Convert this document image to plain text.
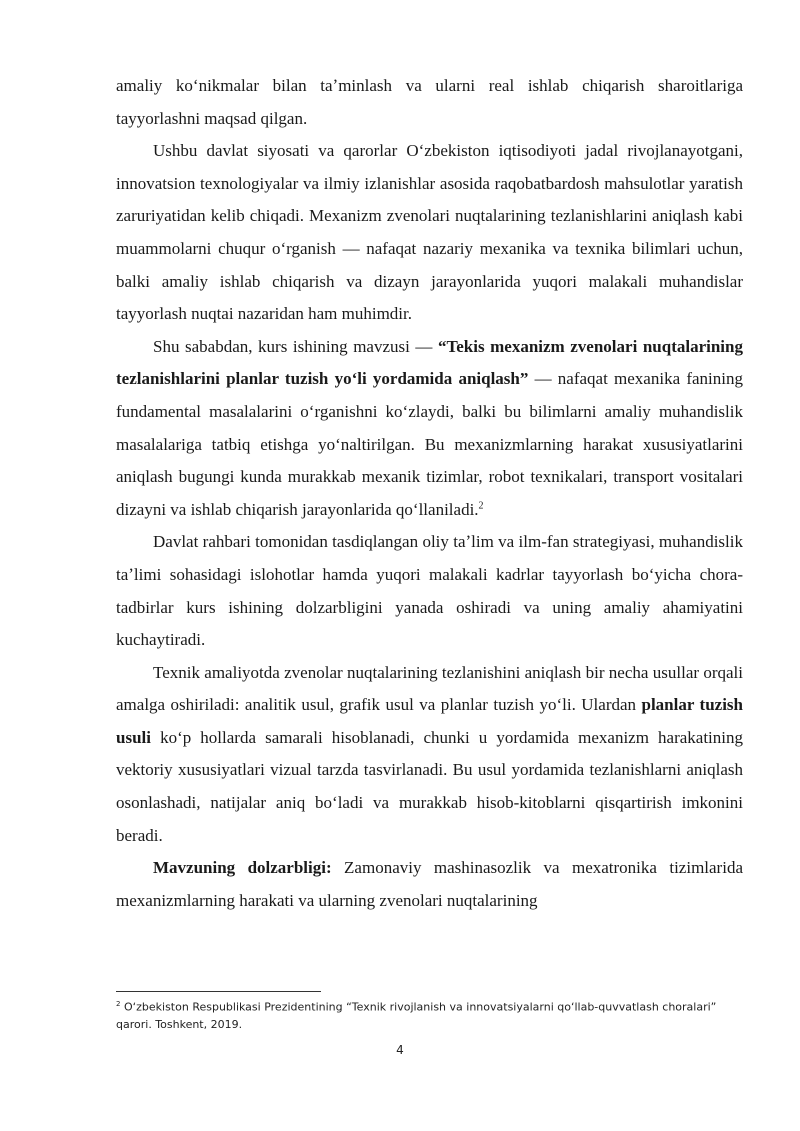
amaliy koʻnikmalar bilan taʼminlash va ularni real ishlab chiqarish sharoitlariga tayyorlashni maqsad qilgan.

Ushbu davlat siyosati va qarorlar Oʻzbekiston iqtisodiyoti jadal rivojlanayotgani, innovatsion texnologiyalar va ilmiy izlanishlar asosida raqobatbardosh mahsulotlar yaratish zaruriyatidan kelib chiqadi. Mexanizm zvenolari nuqtalarining tezlanishlarini aniqlash kabi muammolarni chuqur oʻrganish — nafaqat nazariy mexanika va texnika bilimlari uchun, balki amaliy ishlab chiqarish va dizayn jarayonlarida yuqori malakali muhandislar tayyorlash nuqtai nazaridan ham muhimdir.

Shu sababdan, kurs ishining mavzusi — “Tekis mexanizm zvenolari nuqtalarining tezlanishlarini planlar tuzish yoʻli yordamida aniqlash” — nafaqat mexanika fanining fundamental masalalarini oʻrganishni koʻzlaydi, balki bu bilimlarni amaliy muhandislik masalalariga tatbiq etishga yoʻnaltirilgan. Bu mexanizmlarning harakat xususiyatlarini aniqlash bugungi kunda murakkab mexanik tizimlar, robot texnikalari, transport vositalari dizayni va ishlab chiqarish jarayonlarida qoʻllaniladi.$^2$

Davlat rahbari tomonidan tasdiqlangan oliy taʼlim va ilm-fan strategiyasi, muhandislik taʼlimi sohasidagi islohotlar hamda yuqori malakali kadrlar tayyorlash boʻyicha chora-tadbirlar kurs ishining dolzarbligini yanada oshiradi va uning amaliy ahamiyatini kuchaytiradi.

Texnik amaliyotda zvenolar nuqtalarining tezlanishini aniqlash bir necha usullar orqali amalga oshiriladi: analitik usul, grafik usul va planlar tuzish yoʻli. Ulardan planlar tuzish usuli koʻp hollarda samarali hisoblanadi, chunki u yordamida mexanizm harakatining vektoriy xususiyatlari vizual tarzda tasvirlanadi. Bu usul yordamida tezlanishlarni aniqlash osonlashadi, natijalar aniq boʻladi va murakkab hisob-kitoblarni qisqartirish imkonini beradi.

Mavzuning dolzarbligi: Zamonaviy mashinasozlik va mexatronika tizimlarida mexanizmlarning harakati va ularning zvenolari nuqtalarining

$^2$ O‘zbekiston Respublikasi Prezidentining “Texnik rivojlanish va innovatsiyalarni qo‘llab-quvvatlash choralari” qarori. Toshkent, 2019.
4
